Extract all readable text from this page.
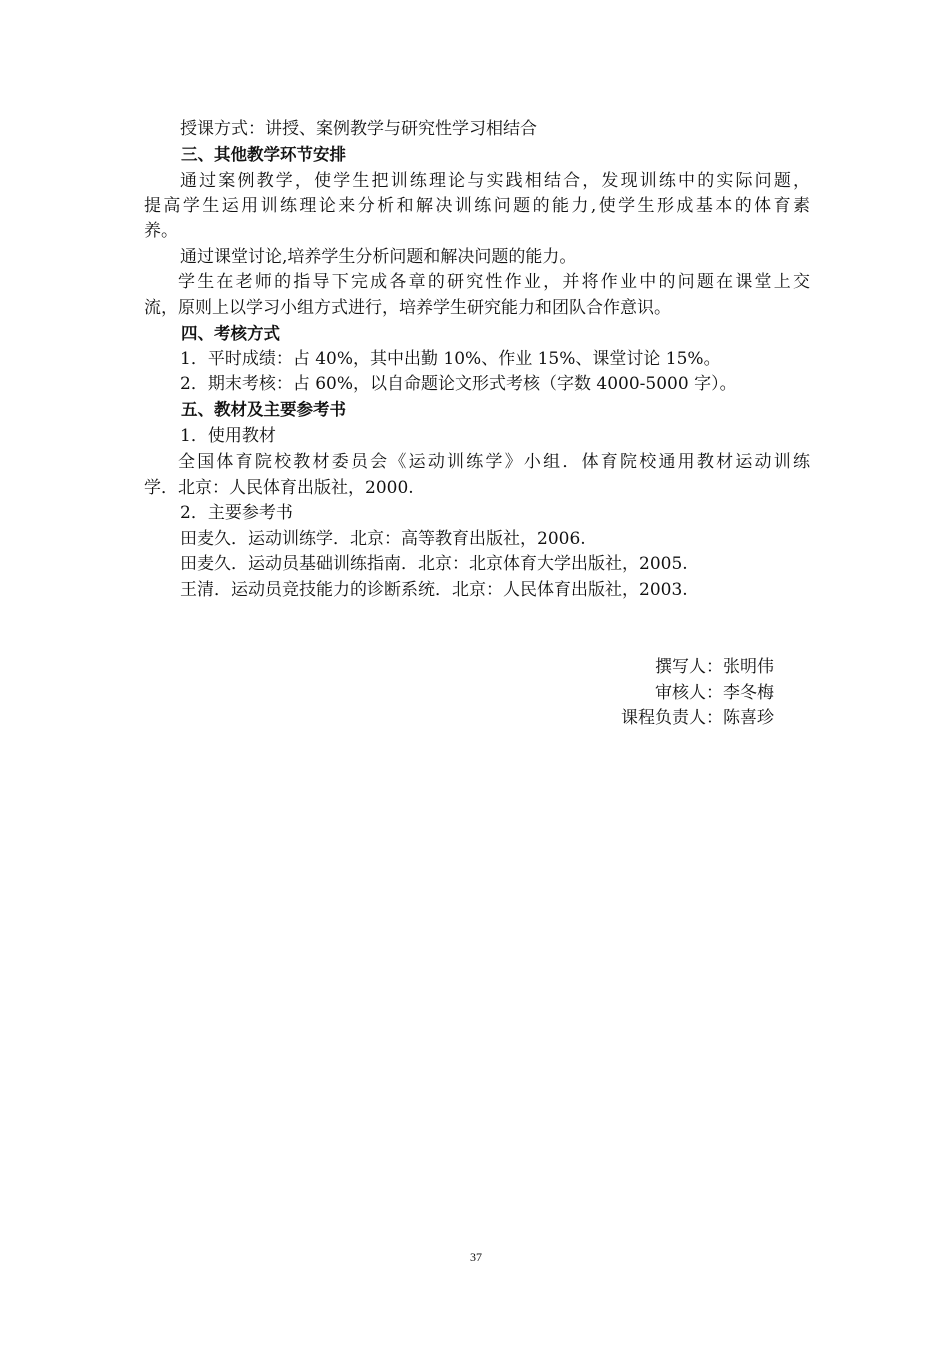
授课方式：讲授、案例教学与研究性学习相结合
三、其他教学环节安排
通过案例教学，使学生把训练理论与实践相结合，发现训练中的实际问题，
提高学生运用训练理论来分析和解决训练问题的能力,使学生形成基本的体育素
养。
通过课堂讨论,培养学生分析问题和解决问题的能力。
学生在老师的指导下完成各章的研究性作业，并将作业中的问题在课堂上交
流，原则上以学习小组方式进行，培养学生研究能力和团队合作意识。
四、考核方式
1．平时成绩：占 40%，其中出勤 10%、作业 15%、课堂讨论 15%。
2．期末考核：占 60%，以自命题论文形式考核（字数 4000-5000 字）。
五、教材及主要参考书
1．使用教材
全国体育院校教材委员会《运动训练学》小组．体育院校通用教材运动训练
学．北京：人民体育出版社，2000.
2．主要参考书
田麦久．运动训练学．北京：高等教育出版社，2006.
田麦久．运动员基础训练指南．北京：北京体育大学出版社，2005.
王清．运动员竞技能力的诊断系统．北京：人民体育出版社，2003.
撰写人：张明伟
审核人：李冬梅
课程负责人：陈喜珍
37
